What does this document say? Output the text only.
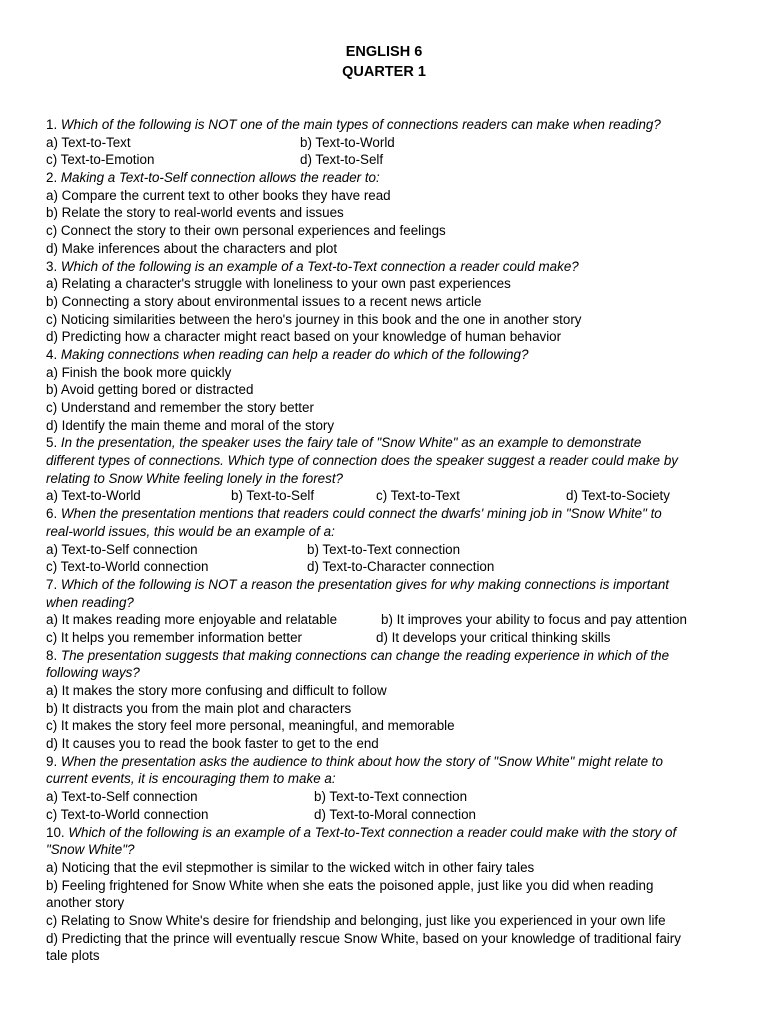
ENGLISH 6
QUARTER 1
1. Which of the following is NOT one of the main types of connections readers can make when reading?
a) Text-to-Text	b) Text-to-World
c) Text-to-Emotion	d) Text-to-Self
2. Making a Text-to-Self connection allows the reader to:
a) Compare the current text to other books they have read
b) Relate the story to real-world events and issues
c) Connect the story to their own personal experiences and feelings
d) Make inferences about the characters and plot
3. Which of the following is an example of a Text-to-Text connection a reader could make?
a) Relating a character's struggle with loneliness to your own past experiences
b) Connecting a story about environmental issues to a recent news article
c) Noticing similarities between the hero's journey in this book and the one in another story
d) Predicting how a character might react based on your knowledge of human behavior
4. Making connections when reading can help a reader do which of the following?
a) Finish the book more quickly
b) Avoid getting bored or distracted
c) Understand and remember the story better
d) Identify the main theme and moral of the story
5. In the presentation, the speaker uses the fairy tale of "Snow White" as an example to demonstrate
different types of connections. Which type of connection does the speaker suggest a reader could make by
relating to Snow White feeling lonely in the forest?
a) Text-to-World	b) Text-to-Self	c) Text-to-Text	d) Text-to-Society
6. When the presentation mentions that readers could connect the dwarfs' mining job in "Snow White" to
real-world issues, this would be an example of a:
a) Text-to-Self connection	b) Text-to-Text connection
c) Text-to-World connection	d) Text-to-Character connection
7. Which of the following is NOT a reason the presentation gives for why making connections is important
when reading?
a) It makes reading more enjoyable and relatable	b) It improves your ability to focus and pay attention
c) It helps you remember information better	d) It develops your critical thinking skills
8. The presentation suggests that making connections can change the reading experience in which of the
following ways?
a) It makes the story more confusing and difficult to follow
b) It distracts you from the main plot and characters
c) It makes the story feel more personal, meaningful, and memorable
d) It causes you to read the book faster to get to the end
9. When the presentation asks the audience to think about how the story of "Snow White" might relate to
current events, it is encouraging them to make a:
a) Text-to-Self connection	b) Text-to-Text connection
c) Text-to-World connection	d) Text-to-Moral connection
10. Which of the following is an example of a Text-to-Text connection a reader could make with the story of
"Snow White"?
a) Noticing that the evil stepmother is similar to the wicked witch in other fairy tales
b) Feeling frightened for Snow White when she eats the poisoned apple, just like you did when reading
another story
c) Relating to Snow White's desire for friendship and belonging, just like you experienced in your own life
d) Predicting that the prince will eventually rescue Snow White, based on your knowledge of traditional fairy
tale plots
